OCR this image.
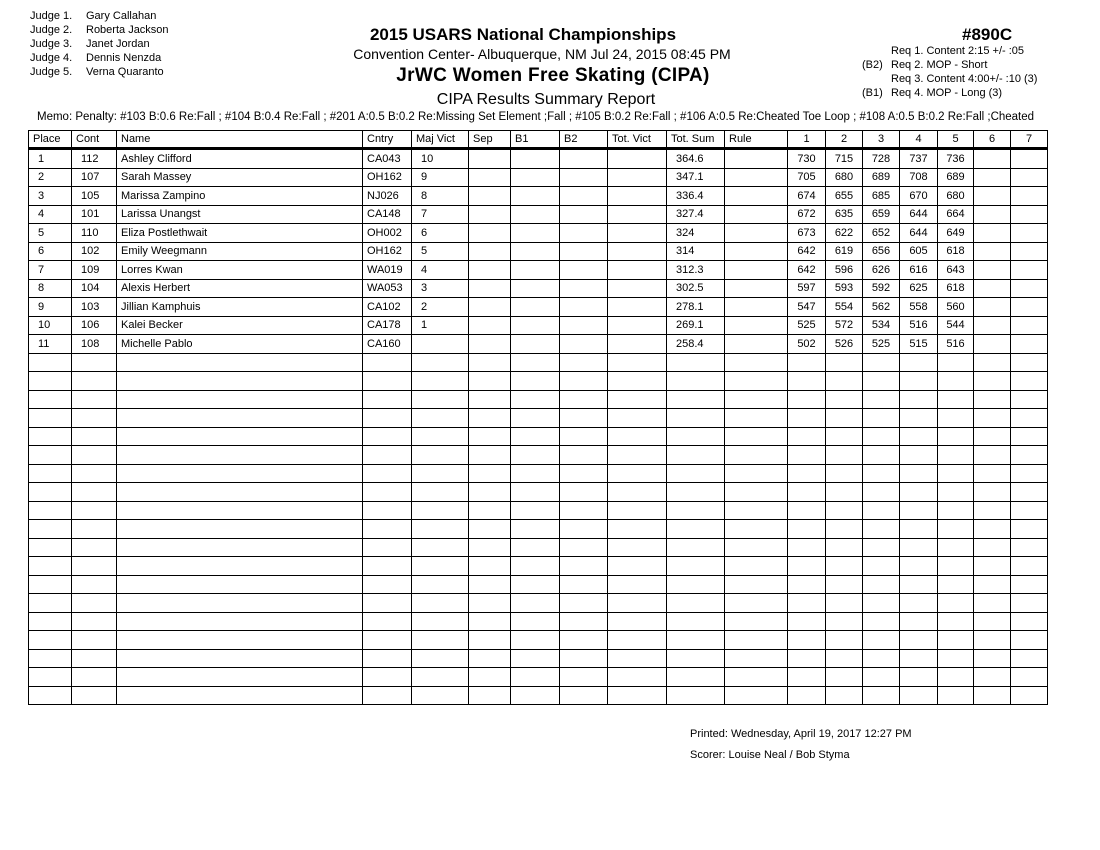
Judge 1. Gary Callahan
Judge 2. Roberta Jackson
Judge 3. Janet Jordan
Judge 4. Dennis Nenzda
Judge 5. Verna Quaranto
2015 USARS National Championships
Convention Center- Albuquerque, NM Jul 24, 2015 08:45 PM
JrWC Women Free Skating (CIPA)
CIPA Results Summary Report
#890C
Req 1. Content 2:15 +/- :05
(B2) Req 2. MOP - Short
Req 3. Content 4:00+/- :10 (3)
(B1) Req 4. MOP - Long (3)
Memo: Penalty: #103 B:0.6 Re:Fall ; #104 B:0.4 Re:Fall ; #201 A:0.5 B:0.2 Re:Missing Set Element ;Fall ; #105 B:0.2 Re:Fall ; #106 A:0.5 Re:Cheated Toe Loop ; #108 A:0.5 B:0.2 Re:Fall ;Cheated
Place	Cont	Name	Cntry	Maj Vict	Sep	B1	B2	Tot. Vict	Tot. Sum	Rule	1	2	3	4	5	6	7
1	112	Ashley Clifford	CA043	10					364.6		730	715	728	737	736		
2	107	Sarah Massey	OH162	9					347.1		705	680	689	708	689		
3	105	Marissa Zampino	NJ026	8					336.4		674	655	685	670	680		
4	101	Larissa Unangst	CA148	7					327.4		672	635	659	644	664		
5	110	Eliza Postlethwait	OH002	6					324		673	622	652	644	649		
6	102	Emily Weegmann	OH162	5					314		642	619	656	605	618		
7	109	Lorres Kwan	WA019	4					312.3		642	596	626	616	643		
8	104	Alexis Herbert	WA053	3					302.5		597	593	592	625	618		
9	103	Jillian Kamphuis	CA102	2					278.1		547	554	562	558	560		
10	106	Kalei Becker	CA178	1					269.1		525	572	534	516	544		
11	108	Michelle Pablo	CA160						258.4		502	526	525	515	516		

Printed: Wednesday, April 19, 2017 12:27 PM
Scorer: Louise Neal / Bob Styma
